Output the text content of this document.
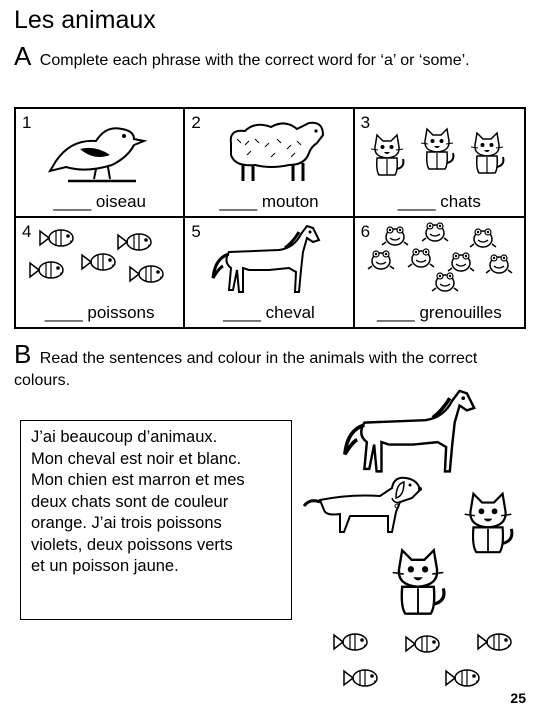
Les animaux
A Complete each phrase with the correct word for ‘a’ or ‘some’.
1
____ oiseau
2
____ mouton
3
____ chats
4
____ poissons
5
____ cheval
6
____ grenouilles
B Read the sentences and colour in the animals with the correct colours.
J’ai beaucoup d’animaux.
Mon cheval est noir et blanc.
Mon chien est marron et mes
deux chats sont de couleur
orange. J’ai trois poissons
violets, deux poissons verts
et un poisson jaune.
25
